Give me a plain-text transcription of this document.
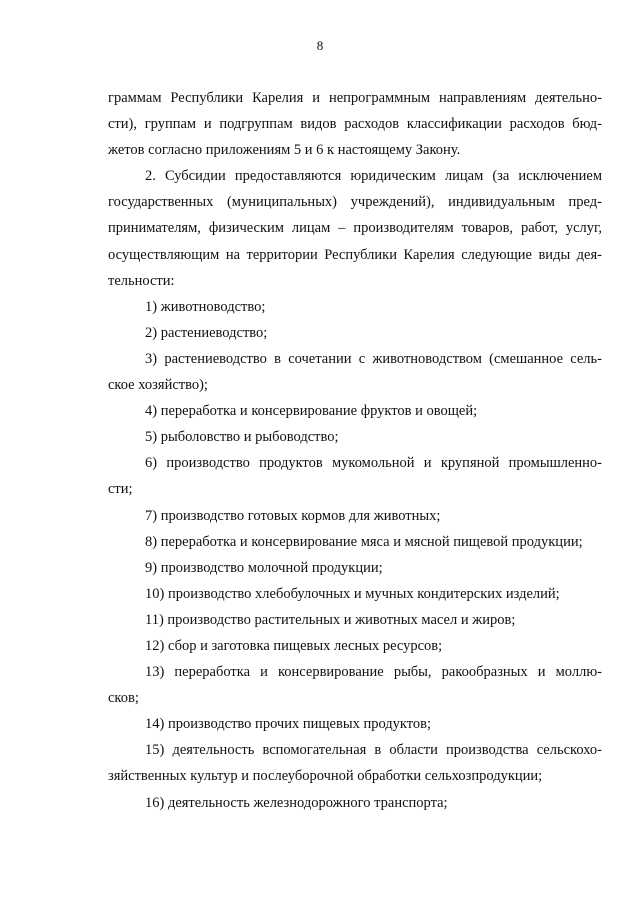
8

граммам Республики Карелия и непрограммным направлениям деятельно-
сти), группам и подгруппам видов расходов классификации расходов бюд-
жетов согласно приложениям 5 и 6 к настоящему Закону.

2. Субсидии предоставляются юридическим лицам (за исключением
государственных (муниципальных) учреждений), индивидуальным пред-
принимателям, физическим лицам – производителям товаров, работ, услуг,
осуществляющим на территории Республики Карелия следующие виды дея-
тельности:

1) животноводство;

2) растениеводство;

3) растениеводство в сочетании с животноводством (смешанное сель-
ское хозяйство);

4) переработка и консервирование фруктов и овощей;

5) рыболовство и рыбоводство;

6) производство продуктов мукомольной и крупяной промышленно-
сти;

7) производство готовых кормов для животных;

8) переработка и консервирование мяса и мясной пищевой продукции;

9) производство молочной продукции;

10) производство хлебобулочных и мучных кондитерских изделий;

11) производство растительных и животных масел и жиров;

12) сбор и заготовка пищевых лесных ресурсов;

13) переработка и консервирование рыбы, ракообразных и моллю-
сков;

14) производство прочих пищевых продуктов;

15) деятельность вспомогательная в области производства сельскохо-
зяйственных культур и послеуборочной обработки сельхозпродукции;

16) деятельность железнодорожного транспорта;
